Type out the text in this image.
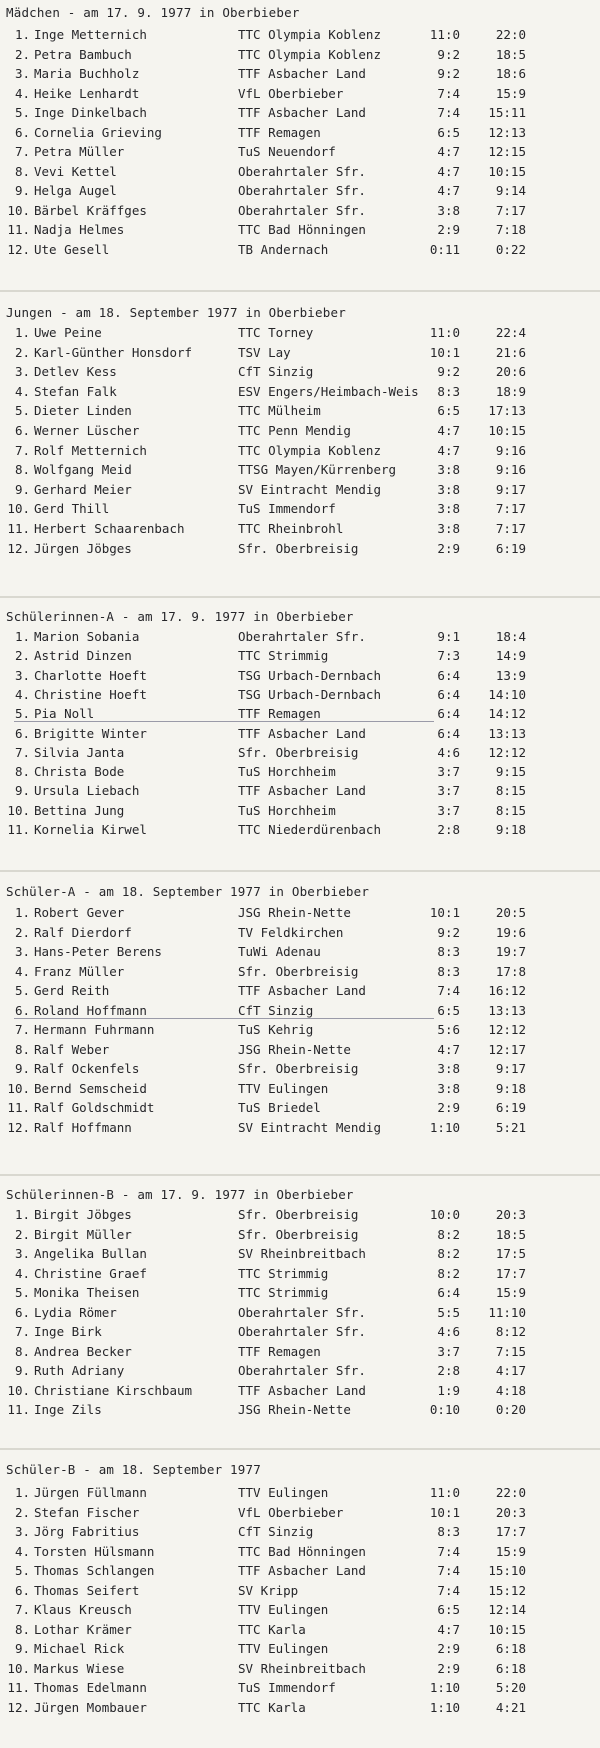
Mädchen - am 17. 9. 1977 in Oberbieber
1. Inge Metternich	TTC Olympia Koblenz	11:0	22:0
2. Petra Bambuch	TTC Olympia Koblenz	9:2	18:5
3. Maria Buchholz	TTF Asbacher Land	9:2	18:6
4. Heike Lenhardt	VfL Oberbieber	7:4	15:9
5. Inge Dinkelbach	TTF Asbacher Land	7:4	15:11
6. Cornelia Grieving	TTF Remagen	6:5	12:13
7. Petra Müller	TuS Neuendorf	4:7	12:15
8. Vevi Kettel	Oberahrtaler Sfr.	4:7	10:15
9. Helga Augel	Oberahrtaler Sfr.	4:7	9:14
10. Bärbel Kräffges	Oberahrtaler Sfr.	3:8	7:17
11. Nadja Helmes	TTC Bad Hönningen	2:9	7:18
12. Ute Gesell	TB Andernach	0:11	0:22
Jungen - am 18. September 1977 in Oberbieber
1. Uwe Peine	TTC Torney	11:0	22:4
2. Karl-Günther Honsdorf	TSV Lay	10:1	21:6
3. Detlev Kess	CfT Sinzig	9:2	20:6
4. Stefan Falk	ESV Engers/Heimbach-Weis	8:3	18:9
5. Dieter Linden	TTC Mülheim	6:5	17:13
6. Werner Lüscher	TTC Penn Mendig	4:7	10:15
7. Rolf Metternich	TTC Olympia Koblenz	4:7	9:16
8. Wolfgang Meid	TTSG Mayen/Kürrenberg	3:8	9:16
9. Gerhard Meier	SV Eintracht Mendig	3:8	9:17
10. Gerd Thill	TuS Immendorf	3:8	7:17
11. Herbert Schaarenbach	TTC Rheinbrohl	3:8	7:17
12. Jürgen Jöbges	Sfr. Oberbreisig	2:9	6:19
Schülerinnen-A - am 17. 9. 1977 in Oberbieber
1. Marion Sobania	Oberahrtaler Sfr.	9:1	18:4
2. Astrid Dinzen	TTC Strimmig	7:3	14:9
3. Charlotte Hoeft	TSG Urbach-Dernbach	6:4	13:9
4. Christine Hoeft	TSG Urbach-Dernbach	6:4	14:10
5. Pia Noll	TTF Remagen	6:4	14:12
6. Brigitte Winter	TTF Asbacher Land	6:4	13:13
7. Silvia Janta	Sfr. Oberbreisig	4:6	12:12
8. Christa Bode	TuS Horchheim	3:7	9:15
9. Ursula Liebach	TTF Asbacher Land	3:7	8:15
10. Bettina Jung	TuS Horchheim	3:7	8:15
11. Kornelia Kirwel	TTC Niederdürenbach	2:8	9:18
Schüler-A - am 18. September 1977 in Oberbieber
1. Robert Gever	JSG Rhein-Nette	10:1	20:5
2. Ralf Dierdorf	TV Feldkirchen	9:2	19:6
3. Hans-Peter Berens	TuWi Adenau	8:3	19:7
4. Franz Müller	Sfr. Oberbreisig	8:3	17:8
5. Gerd Reith	TTF Asbacher Land	7:4	16:12
6. Roland Hoffmann	CfT Sinzig	6:5	13:13
7. Hermann Fuhrmann	TuS Kehrig	5:6	12:12
8. Ralf Weber	JSG Rhein-Nette	4:7	12:17
9. Ralf Ockenfels	Sfr. Oberbreisig	3:8	9:17
10. Bernd Semscheid	TTV Eulingen	3:8	9:18
11. Ralf Goldschmidt	TuS Briedel	2:9	6:19
12. Ralf Hoffmann	SV Eintracht Mendig	1:10	5:21
Schülerinnen-B - am 17. 9. 1977 in Oberbieber
1. Birgit Jöbges	Sfr. Oberbreisig	10:0	20:3
2. Birgit Müller	Sfr. Oberbreisig	8:2	18:5
3. Angelika Bullan	SV Rheinbreitbach	8:2	17:5
4. Christine Graef	TTC Strimmig	8:2	17:7
5. Monika Theisen	TTC Strimmig	6:4	15:9
6. Lydia Römer	Oberahrtaler Sfr.	5:5	11:10
7. Inge Birk	Oberahrtaler Sfr.	4:6	8:12
8. Andrea Becker	TTF Remagen	3:7	7:15
9. Ruth Adriany	Oberahrtaler Sfr.	2:8	4:17
10. Christiane Kirschbaum	TTF Asbacher Land	1:9	4:18
11. Inge Zils	JSG Rhein-Nette	0:10	0:20
Schüler-B - am 18. September 1977
1. Jürgen Füllmann	TTV Eulingen	11:0	22:0
2. Stefan Fischer	VfL Oberbieber	10:1	20:3
3. Jörg Fabritius	CfT Sinzig	8:3	17:7
4. Torsten Hülsmann	TTC Bad Hönningen	7:4	15:9
5. Thomas Schlangen	TTF Asbacher Land	7:4	15:10
6. Thomas Seifert	SV Kripp	7:4	15:12
7. Klaus Kreusch	TTV Eulingen	6:5	12:14
8. Lothar Krämer	TTC Karla	4:7	10:15
9. Michael Rick	TTV Eulingen	2:9	6:18
10. Markus Wiese	SV Rheinbreitbach	2:9	6:18
11. Thomas Edelmann	TuS Immendorf	1:10	5:20
12. Jürgen Mombauer	TTC Karla	1:10	4:21
